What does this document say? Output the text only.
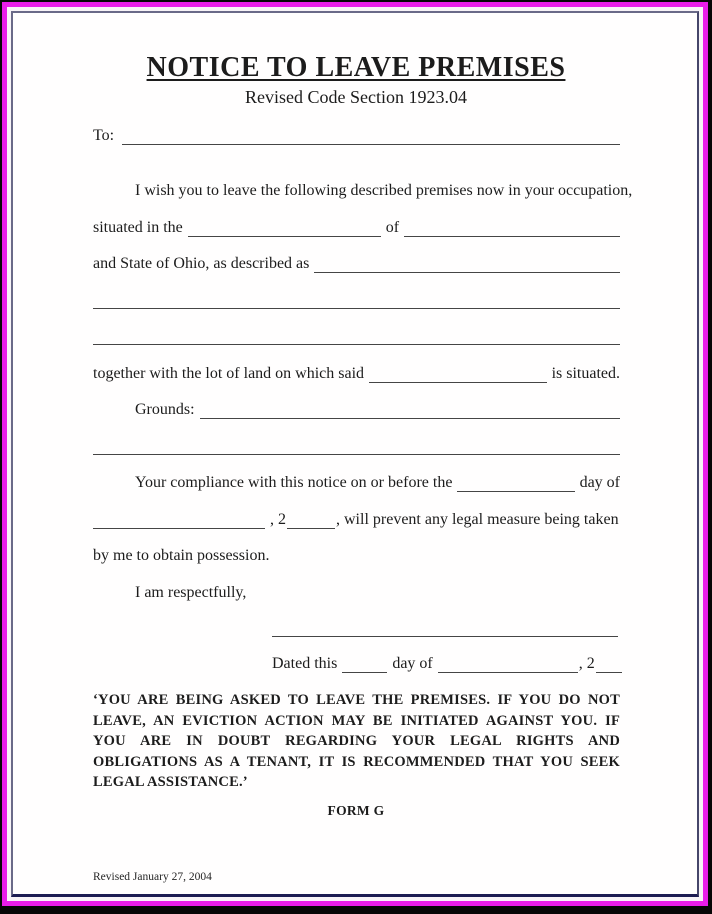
NOTICE TO LEAVE PREMISES
Revised Code Section 1923.04
To:
I wish you to leave the following described premises now in your occupation,
situated in the	of
and State of Ohio, as described as
together with the lot of land on which said	is situated.
Grounds:
Your compliance with this notice on or before the	day of
, 2	, will prevent any legal measure being taken
by me to obtain possession.
I am respectfully,
Dated this	day of	, 2
‘YOU ARE BEING ASKED TO LEAVE THE PREMISES. IF YOU DO NOT
LEAVE, AN EVICTION ACTION MAY BE INITIATED AGAINST YOU. IF
YOU ARE IN DOUBT REGARDING YOUR LEGAL RIGHTS AND
OBLIGATIONS AS A TENANT, IT IS RECOMMENDED THAT YOU SEEK
LEGAL ASSISTANCE.’
FORM G
Revised January 27, 2004
